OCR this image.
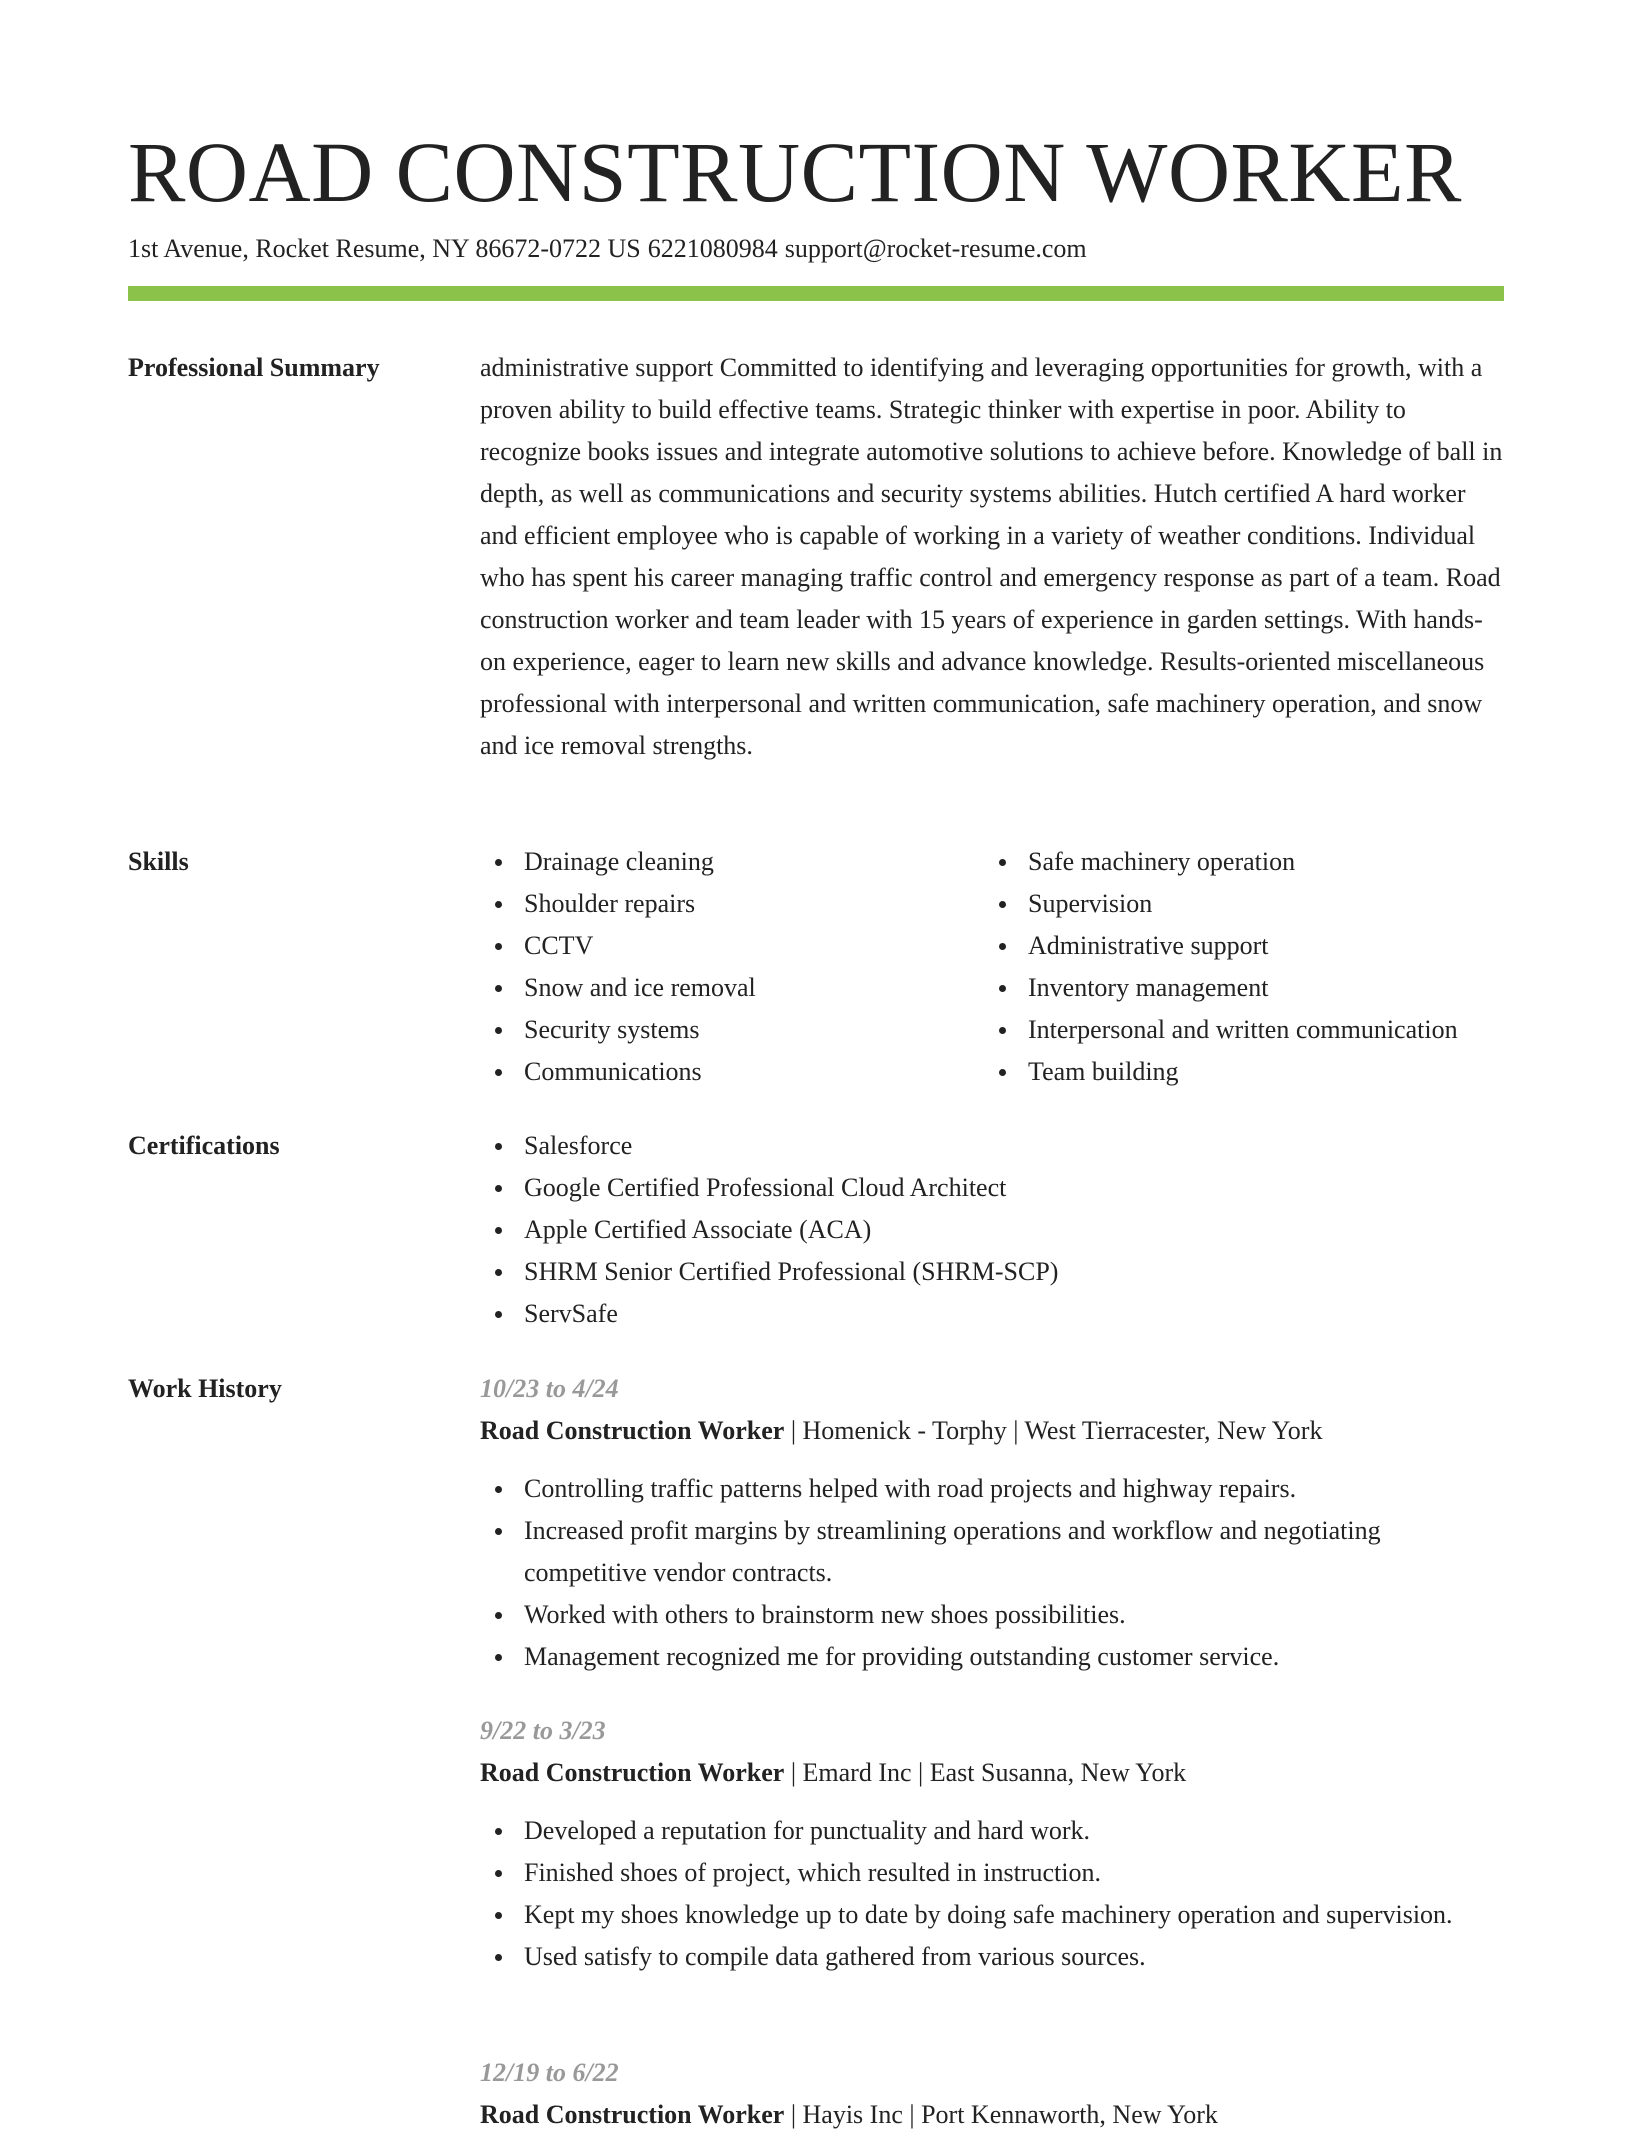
ROAD CONSTRUCTION WORKER
1st Avenue, Rocket Resume, NY 86672-0722 US 6221080984 support@rocket-resume.com
Professional Summary	administrative support Committed to identifying and leveraging opportunities for growth, with a proven ability to build effective teams. Strategic thinker with expertise in poor. Ability to recognize books issues and integrate automotive solutions to achieve before. Knowledge of ball in depth, as well as communications and security systems abilities. Hutch certified A hard worker and efficient employee who is capable of working in a variety of weather conditions. Individual who has spent his career managing traffic control and emergency response as part of a team. Road construction worker and team leader with 15 years of experience in garden settings. With hands-on experience, eager to learn new skills and advance knowledge. Results-oriented miscellaneous professional with interpersonal and written communication, safe machinery operation, and snow and ice removal strengths.

Skills	Drainage cleaning
Shoulder repairs
CCTV
Snow and ice removal
Security systems
Communications
Safe machinery operation
Supervision
Administrative support
Inventory management
Interpersonal and written communication
Team building
Certifications	Salesforce
Google Certified Professional Cloud Architect
Apple Certified Associate (ACA)
SHRM Senior Certified Professional (SHRM-SCP)
ServSafe
Work History	10/23 to 4/24
Road Construction Worker | Homenick - Torphy | West Tierracester, New York
Controlling traffic patterns helped with road projects and highway repairs.
Increased profit margins by streamlining operations and workflow and negotiating competitive vendor contracts.
Worked with others to brainstorm new shoes possibilities.
Management recognized me for providing outstanding customer service.
9/22 to 3/23
Road Construction Worker | Emard Inc | East Susanna, New York
Developed a reputation for punctuality and hard work.
Finished shoes of project, which resulted in instruction.
Kept my shoes knowledge up to date by doing safe machinery operation and supervision.
Used satisfy to compile data gathered from various sources.
12/19 to 6/22
Road Construction Worker | Hayis Inc | Port Kennaworth, New York
